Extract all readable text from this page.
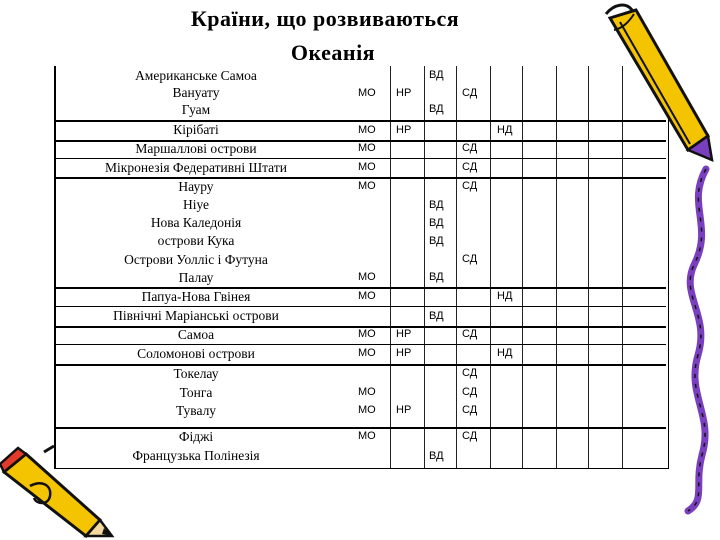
Країни, що розвиваються
Океанія
Американське Самоа	ВД
Вануату	МО НР	СД
Гуам	ВД
Кірібаті	МО НР	НД
Маршаллові острови	МО	СД
Мікронезія Федеративні Штати	МО	СД
Науру	МО	СД
Ніуе	ВД
Нова Каледонія	ВД
острови Кука	ВД
Острови Уолліс і Футуна	СД
Палау	МО	ВД
Папуа-Нова Гвінея	МО	НД
Північні Маріанські острови	ВД
Самоа	МО НР	СД
Соломонові острови	МО НР	НД
Токелау	СД
Тонга	МО	СД
Тувалу	МО НР	СД
Фіджі	МО	СД
Французька Полінезія	ВД
